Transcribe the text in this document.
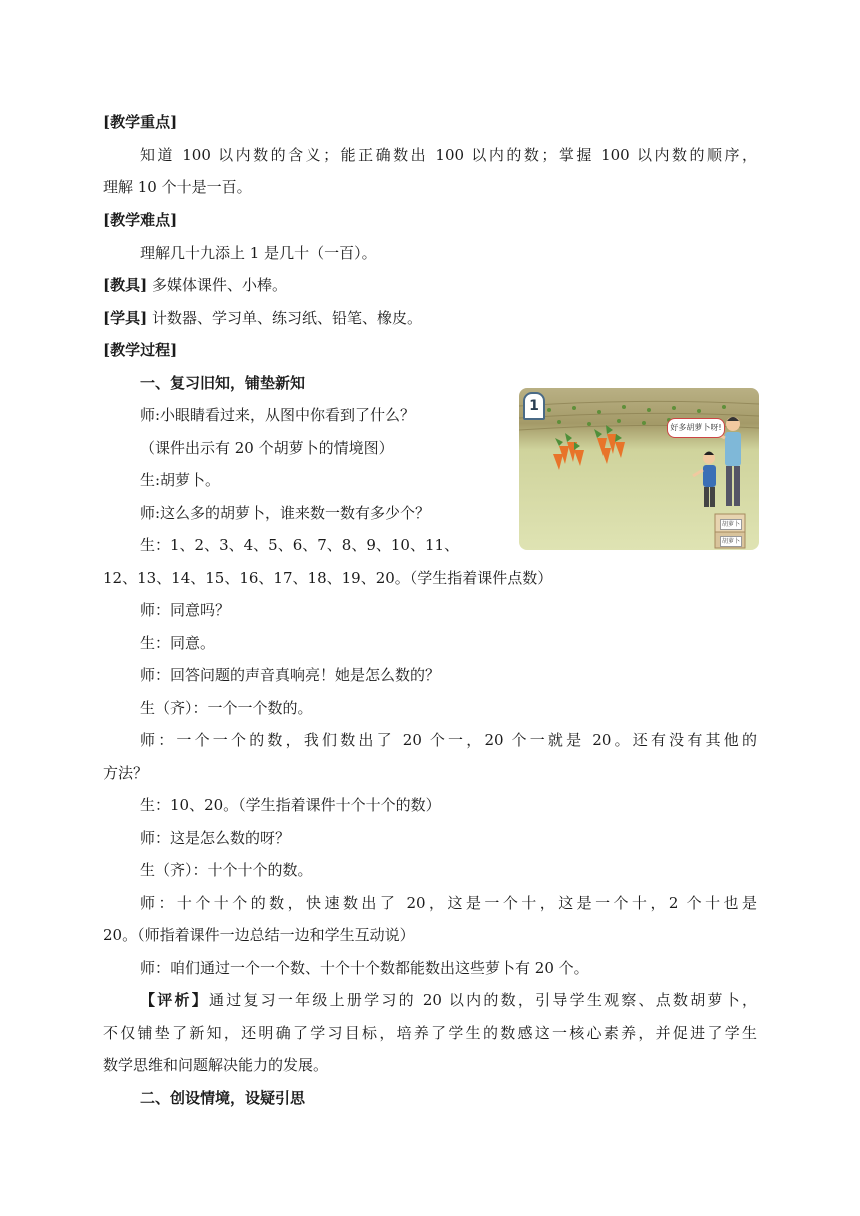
[教学重点]
知道 100 以内数的含义；能正确数出 100 以内的数；掌握 100 以内数的顺序，
理解 10 个十是一百。
[教学难点]
理解几十九添上 1 是几十（一百）。
[教具] 多媒体课件、小棒。
[学具] 计数器、学习单、练习纸、铅笔、橡皮。
[教学过程]
一、复习旧知，铺垫新知
师:小眼睛看过来，从图中你看到了什么？
（课件出示有 20 个胡萝卜的情境图）
生:胡萝卜。
师:这么多的胡萝卜，谁来数一数有多少个？
生：1、2、3、4、5、6、7、8、9、10、11、
12、13、14、15、16、17、18、19、20。（学生指着课件点数）
师：同意吗？
生：同意。
师：回答问题的声音真响亮！她是怎么数的？
生（齐）：一个一个数的。
师：一个一个的数，我们数出了 20 个一，20 个一就是 20。还有没有其他的
方法？
生：10、20。（学生指着课件十个十个的数）
师：这是怎么数的呀？
生（齐）：十个十个的数。
师：十个十个的数，快速数出了 20，这是一个十，这是一个十，2 个十也是
20。（师指着课件一边总结一边和学生互动说）
师：咱们通过一个一个数、十个十个数都能数出这些萝卜有 20 个。
【评析】通过复习一年级上册学习的 20 以内的数，引导学生观察、点数胡萝卜，
不仅铺垫了新知，还明确了学习目标，培养了学生的数感这一核心素养，并促进了学生
数学思维和问题解决能力的发展。
二、创设情境，设疑引思
1
好多胡萝卜呀!
胡萝卜
胡萝卜
